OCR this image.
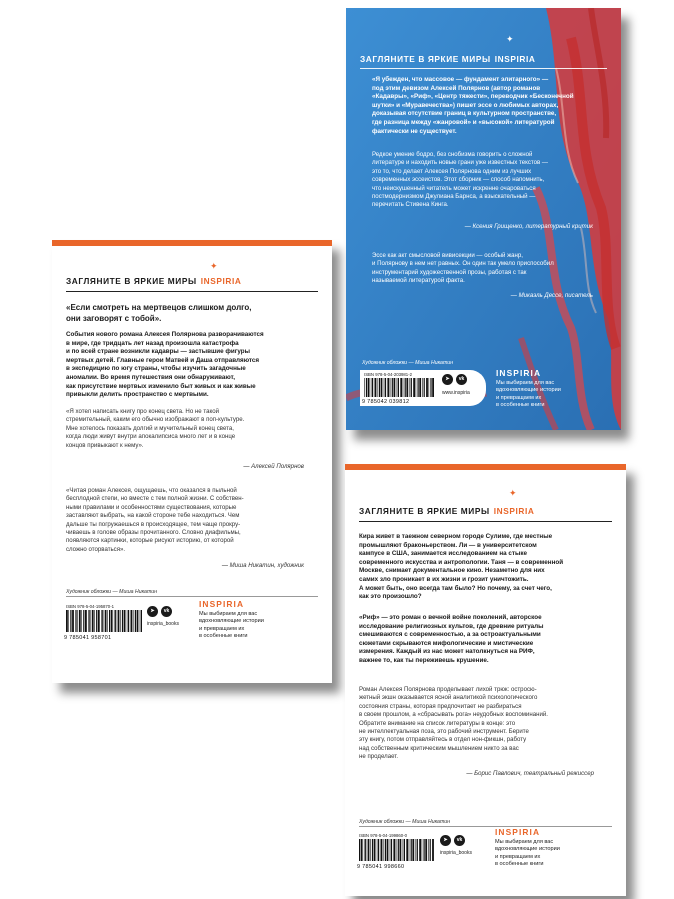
ЗАГЛЯНИТЕ В ЯРКИЕ МИРЫ INSPIRIA
✦
«Если смотреть на мертвецов слишком долго,
они заговорят с тобой».
События нового романа Алексея Полярнова разворачиваются
в мире, где тридцать лет назад произошла катастрофа
и по всей стране возникли кадавры — застывшие фигуры
мертвых детей. Главные герои Матвей и Даша отправляются
в экспедицию по югу страны, чтобы изучить загадочные
аномалии. Во время путешествия они обнаруживают,
как присутствие мертвых изменило быт живых и как живые
привыкли делить пространство с мертвыми.
«Я хотел написать книгу про конец света. Но не такой
стремительный, каким его обычно изображают в поп-культуре.
Мне хотелось показать долгий и мучительный конец света,
когда люди живут внутри апокалипсиса много лет и в конце
концов привыкают к нему».
— Алексей Полярнов
«Читая роман Алексея, ощущаешь, что оказался в пыльной
бесплодной степи, но вместе с тем полной жизни. С собствен-
ными правилами и особенностями существования, которые
заставляют выбрать, на какой стороне тебе находиться. Чем
дальше ты погружаешься в происходящее, тем чаще прокру-
чиваешь в голове образы прочитанного. Словно диафильмы,
появляются картинки, которые рисуют историю, от которой
сложно оторваться».
— Миша Никатин, художник
Художник обложки — Миша Никатин
ISBN 978-5-04-195870-1
9 785041 958701
➤	vk
inspiria_books
INSPIRIA
Мы выбираем для вас
вдохновляющие истории
и превращаем их
в особенные книги
ЗАГЛЯНИТЕ В ЯРКИЕ МИРЫ INSPIRIA
✦
«Я убежден, что массовое — фундамент элитарного» —
под этим девизом Алексей Полярнов (автор романов
«Кадавры», «Риф», «Центр тяжести», переводчик «Бесконечной
шутки» и «Муравечества») пишет эссе о любимых авторах,
доказывая отсутствие границ в культурном пространстве,
где разница между «жанровой» и «высокой» литературой
фактически не существует.
Редкое умение бодро, без снобизма говорить о сложной
литературе и находить новые грани уже известных текстов —
это то, что делает Алексея Полярнова одним из лучших
современных эссеистов. Этот сборник — способ напомнить,
что неискушенный читатель может искренне очароваться
постмодернизмом Джулиана Барнса, а взыскательный —
перечитать Стивена Кинга.
— Ксения Грищенко, литературный критик
Эссе как акт смысловой вивисекции — особый жанр,
и Полярнову в нем нет равных. Он один так умело приспособил
инструментарий художественной прозы, работая с так
называемой литературой факта.
— Микаэль Дессе, писатель
Художник обложки — Миша Никатин
ISBN 978-5-04-203981-2
9 785042 039812
➤	vk
www.inspiria
INSPIRIA
Мы выбираем для вас
вдохновляющие истории
и превращаем их
в особенные книги
ЗАГЛЯНИТЕ В ЯРКИЕ МИРЫ INSPIRIA
✦
Кира живет в таежном северном городе Сулиме, где местные
промышляют браконьерством. Ли — в университетском
кампусе в США, занимается исследованием на стыке
современного искусства и антропологии. Таня — в современной
Москве, снимает документальное кино. Незаметно для них
самих зло проникает в их жизни и грозит уничтожить.
А может быть, оно всегда там было? Но почему, за счет чего,
как это произошло?
«Риф» — это роман о вечной войне поколений, авторское
исследование религиозных культов, где древние ритуалы
смешиваются с современностью, а за остроактуальными
сюжетами скрываются мифологические и мистические
измерения. Каждый из нас может натолкнуться на РИФ,
важнее то, как ты переживешь крушение.
Роман Алексея Полярнова проделывает лихой трюк: остросю-
жетный экшн оказывается ясной аналитикой психологического
состояния страны, которая предпочитает не разбираться
в своем прошлом, а «сбрасывать рога» неудобных воспоминаний.
Обратите внимание на список литературы в конце: это
не интеллектуальная поза, это рабочий инструмент. Берите
эту книгу, потом отправляйтесь в отдел нон-фикшн, работу
над собственным критическим мышлением никто за вас
не проделает.
— Борис Павлович, театральный режиссер
Художник обложки — Миша Никатин
ISBN 978-5-04-199860-0
9 785041 998660
➤	vk
inspiria_books
INSPIRIA
Мы выбираем для вас
вдохновляющие истории
и превращаем их
в особенные книги
